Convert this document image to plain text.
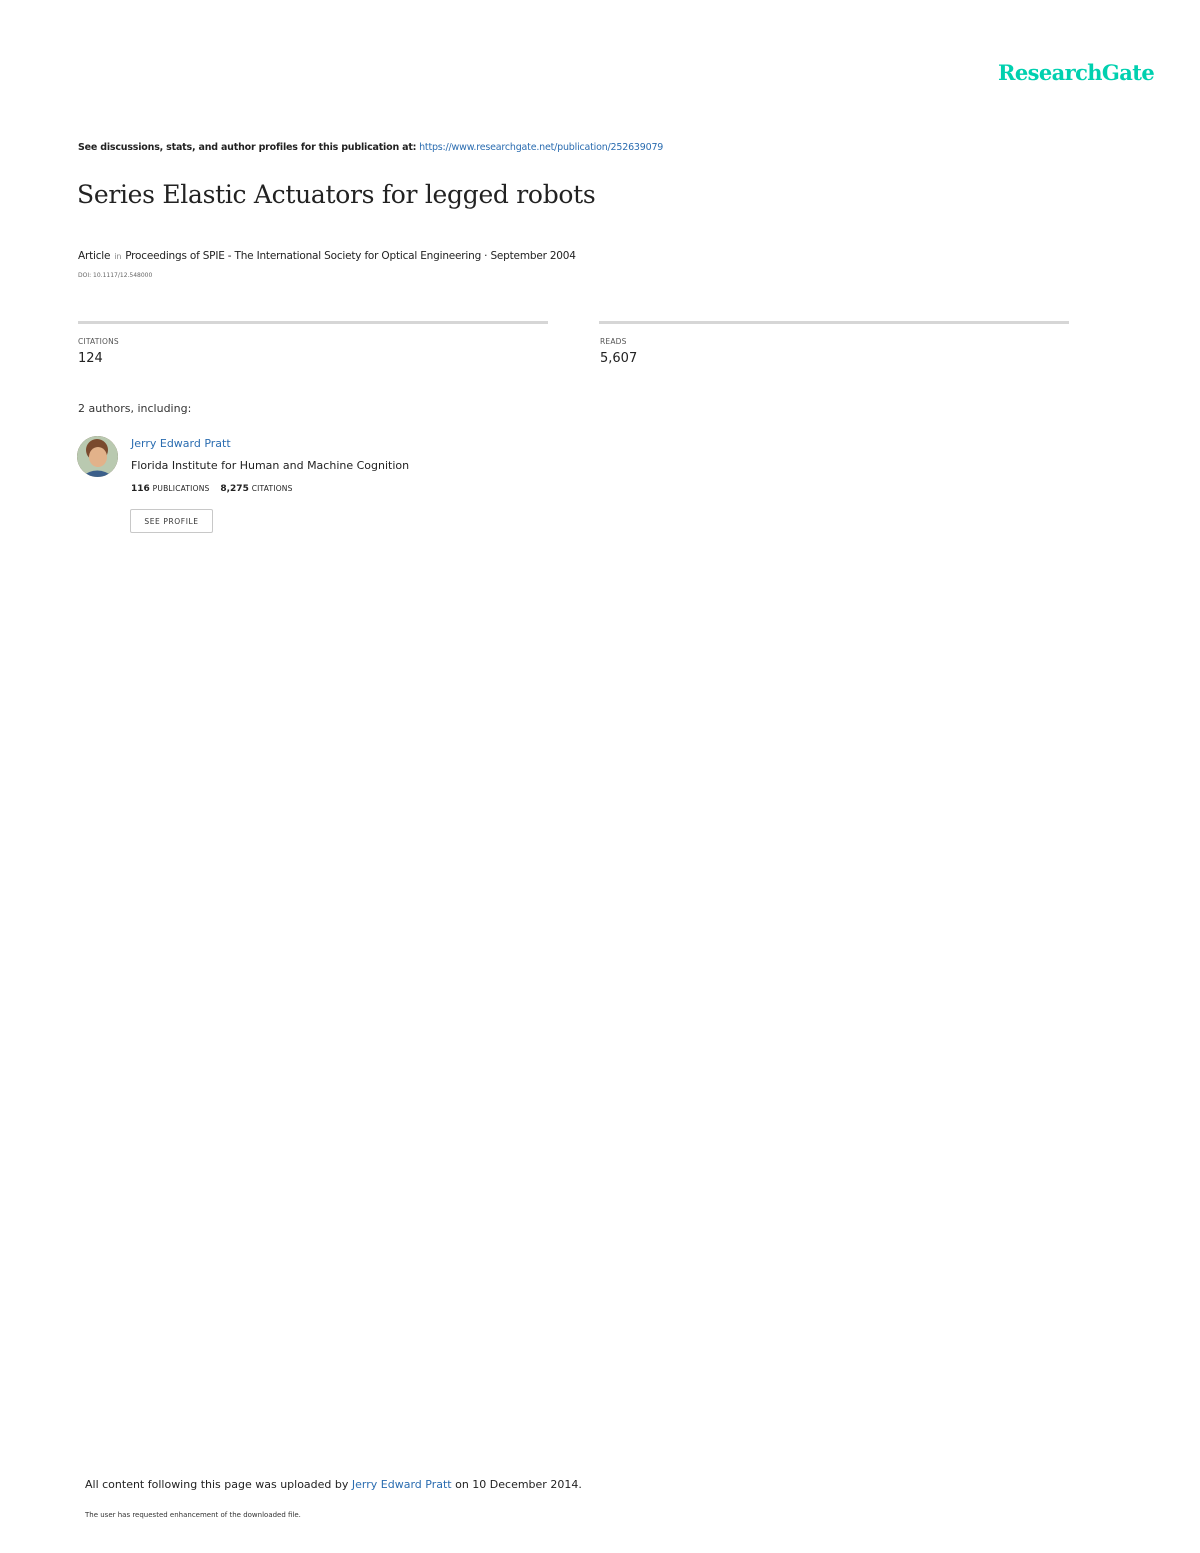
ResearchGate
See discussions, stats, and author profiles for this publication at: https://www.researchgate.net/publication/252639079
Series Elastic Actuators for legged robots
Article in Proceedings of SPIE - The International Society for Optical Engineering · September 2004
DOI: 10.1117/12.548000
CITATIONS
124
READS
5,607
2 authors, including:
Jerry Edward Pratt
Florida Institute for Human and Machine Cognition
116 PUBLICATIONS 8,275 CITATIONS
SEE PROFILE
All content following this page was uploaded by Jerry Edward Pratt on 10 December 2014.
The user has requested enhancement of the downloaded file.
